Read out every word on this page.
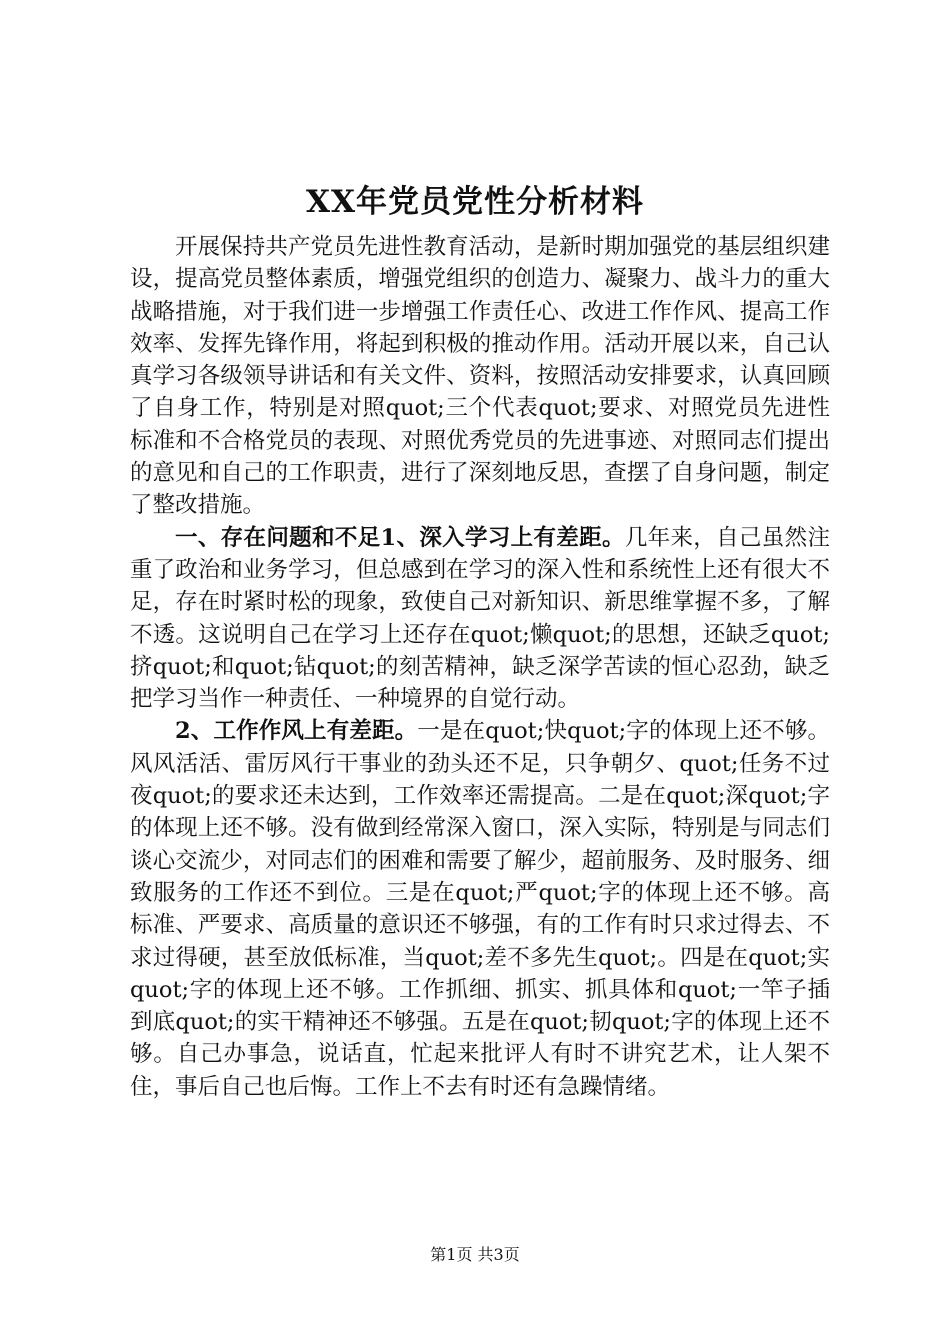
XX年党员党性分析材料

开展保持共产党员先进性教育活动，是新时期加强党的基层组织建设，提高党员整体素质，增强党组织的创造力、凝聚力、战斗力的重大战略措施，对于我们进一步增强工作责任心、改进工作作风、提高工作效率、发挥先锋作用，将起到积极的推动作用。活动开展以来，自己认真学习各级领导讲话和有关文件、资料，按照活动安排要求，认真回顾了自身工作，特别是对照quot;三个代表quot;要求、对照党员先进性标准和不合格党员的表现、对照优秀党员的先进事迹、对照同志们提出的意见和自己的工作职责，进行了深刻地反思，查摆了自身问题，制定了整改措施。

一、存在问题和不足1、深入学习上有差距。几年来，自己虽然注重了政治和业务学习，但总感到在学习的深入性和系统性上还有很大不足，存在时紧时松的现象，致使自己对新知识、新思维掌握不多，了解不透。这说明自己在学习上还存在quot;懒quot;的思想，还缺乏quot;挤quot;和quot;钻quot;的刻苦精神，缺乏深学苦读的恒心忍劲，缺乏把学习当作一种责任、一种境界的自觉行动。

2、工作作风上有差距。一是在quot;快quot;字的体现上还不够。风风活活、雷厉风行干事业的劲头还不足，只争朝夕、quot;任务不过夜quot;的要求还未达到，工作效率还需提高。二是在quot;深quot;字的体现上还不够。没有做到经常深入窗口，深入实际，特别是与同志们谈心交流少，对同志们的困难和需要了解少，超前服务、及时服务、细致服务的工作还不到位。三是在quot;严quot;字的体现上还不够。高标准、严要求、高质量的意识还不够强，有的工作有时只求过得去、不求过得硬，甚至放低标准，当quot;差不多先生quot;。四是在quot;实quot;字的体现上还不够。工作抓细、抓实、抓具体和quot;一竿子插到底quot;的实干精神还不够强。五是在quot;韧quot;字的体现上还不够。自己办事急，说话直，忙起来批评人有时不讲究艺术，让人架不住，事后自己也后悔。工作上不去有时还有急躁情绪。

第1页 共3页
